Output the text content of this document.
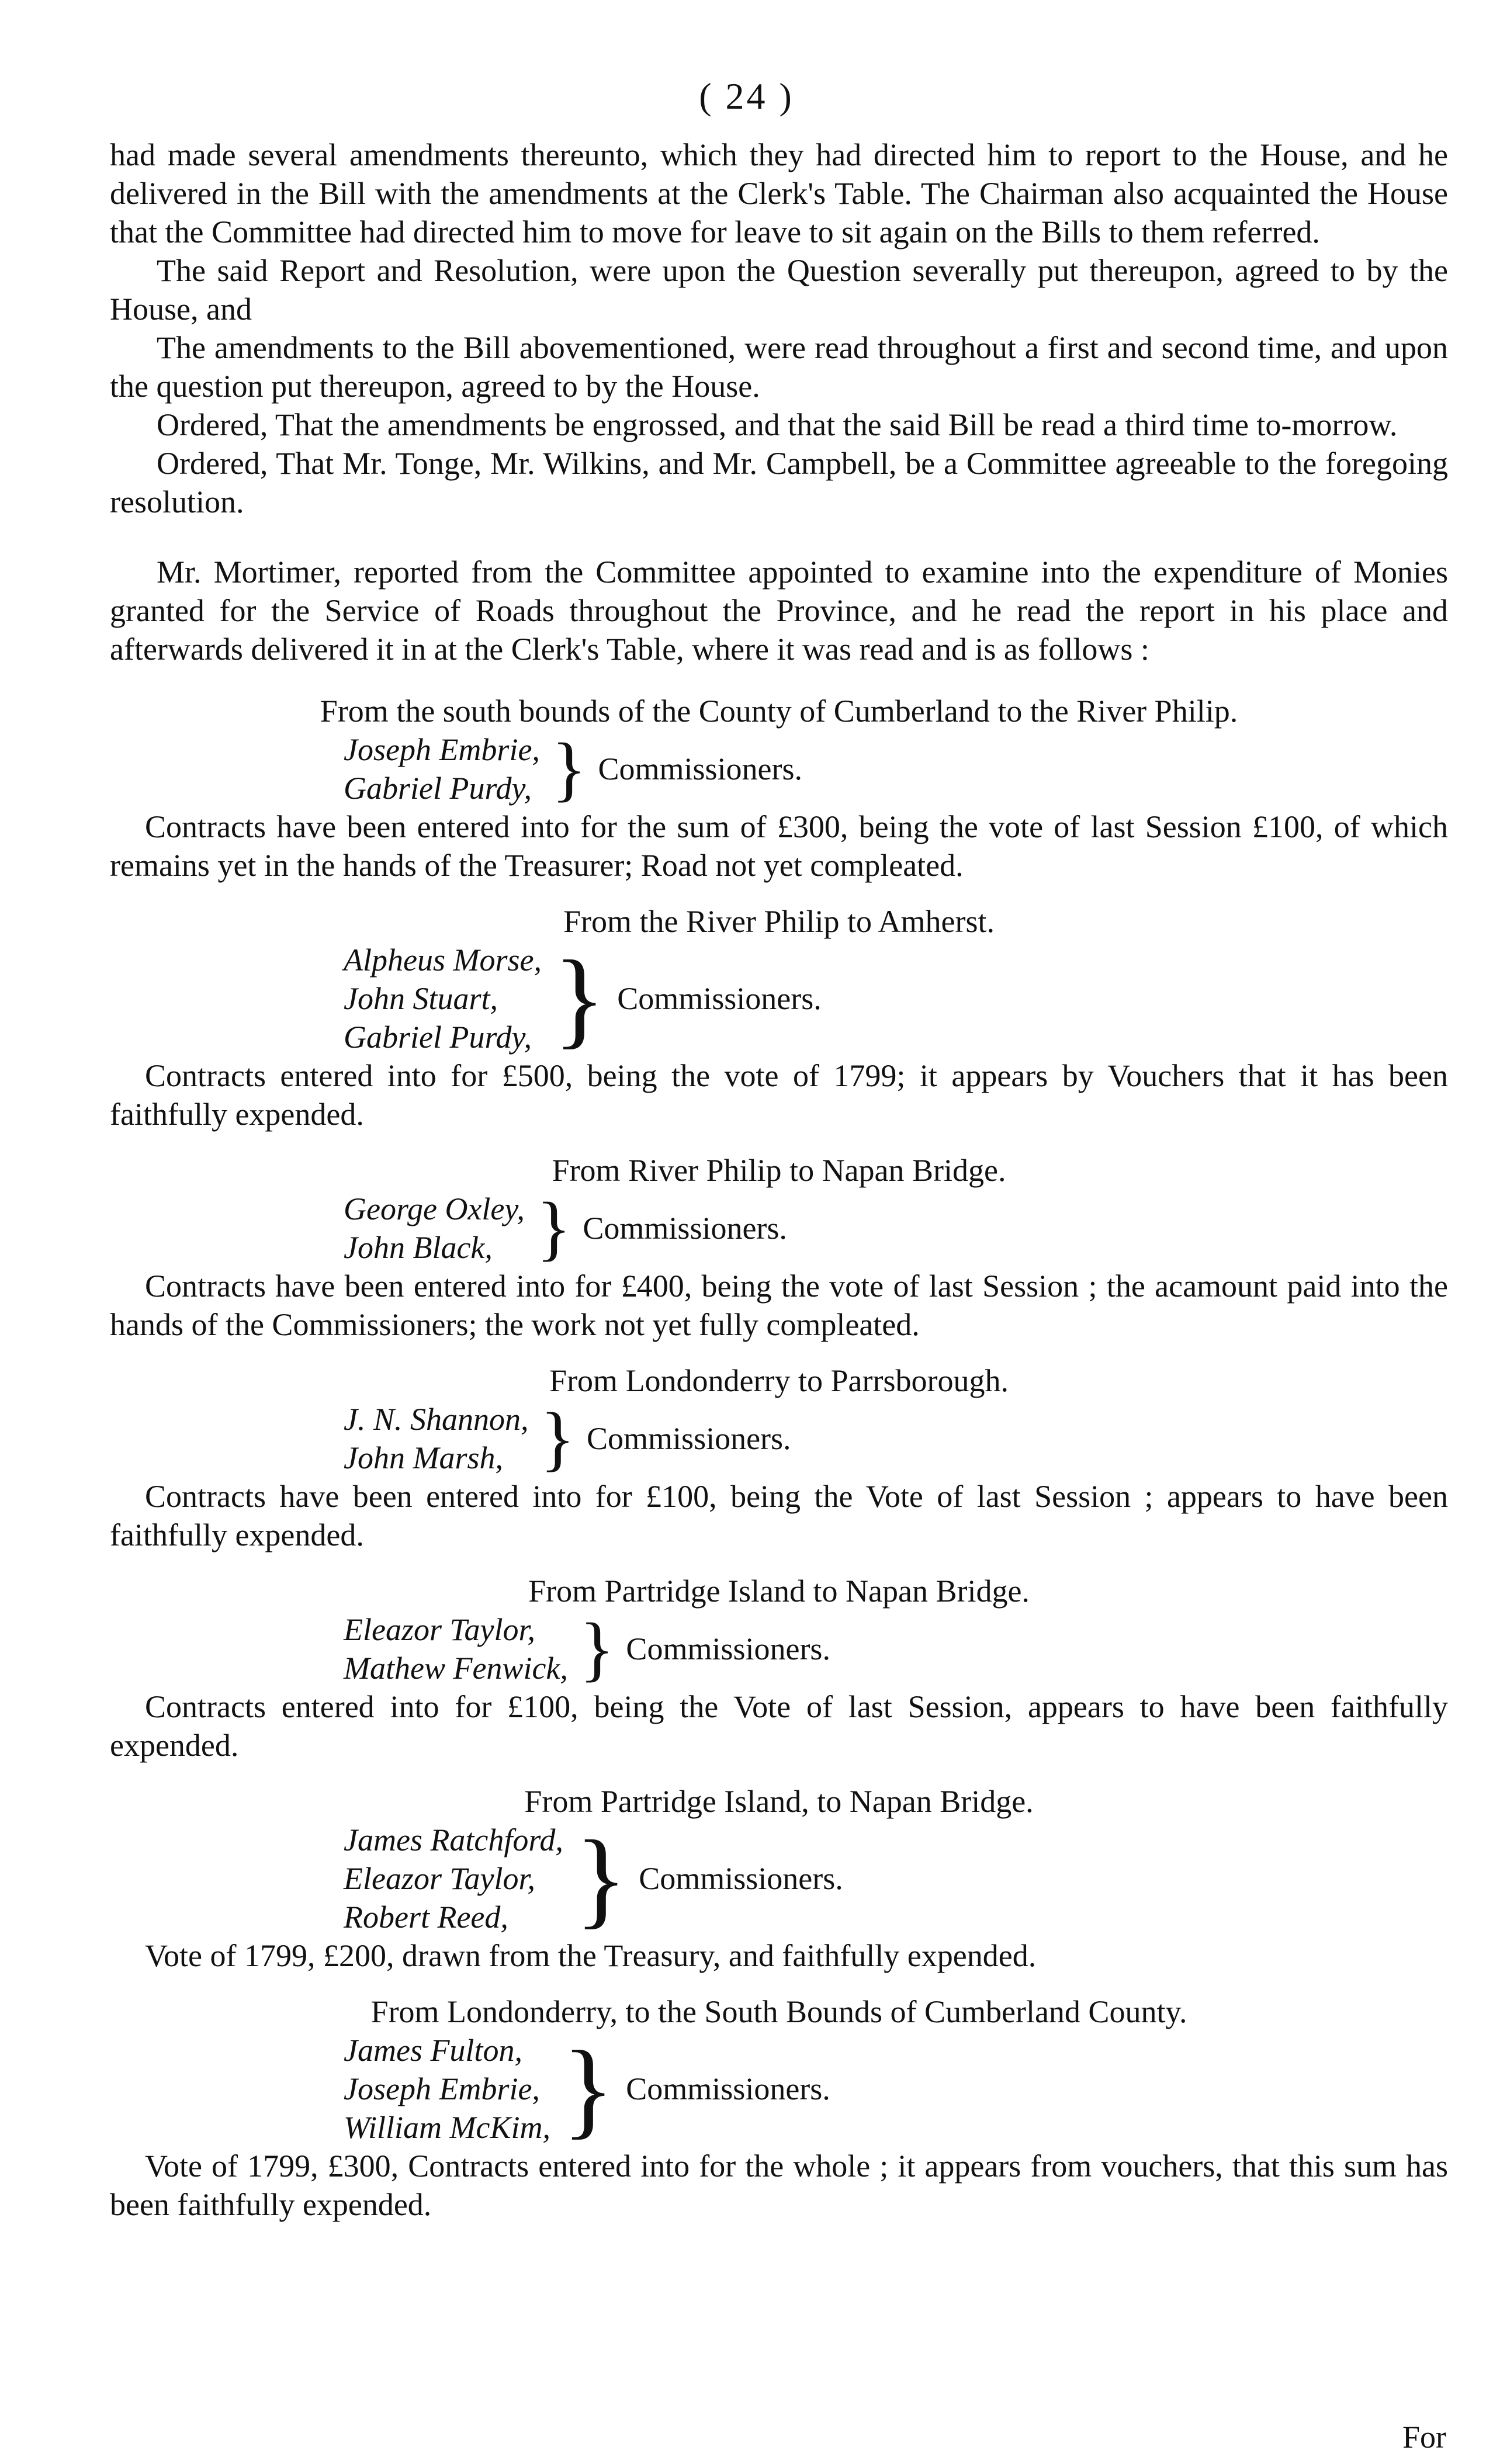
( 24 )

had made several amendments thereunto, which they had directed him to report to the House, and he delivered in the Bill with the amendments at the Clerk's Table. The Chairman also acquainted the House that the Committee had directed him to move for leave to sit again on the Bills to them referred.

The said Report and Resolution, were upon the Question severally put thereupon, agreed to by the House, and

The amendments to the Bill abovementioned, were read throughout a first and second time, and upon the question put thereupon, agreed to by the House.

Ordered, That the amendments be engrossed, and that the said Bill be read a third time to-morrow.

Ordered, That Mr. Tonge, Mr. Wilkins, and Mr. Campbell, be a Committee agreeable to the foregoing resolution.

Mr. Mortimer, reported from the Committee appointed to examine into the expenditure of Monies granted for the Service of Roads throughout the Province, and he read the report in his place and afterwards delivered it in at the Clerk's Table, where it was read and is as follows :

From the south bounds of the County of Cumberland to the River Philip.

Joseph Embrie,
Gabriel Purdy, } Commissioners.

Contracts have been entered into for the sum of £300, being the vote of last Session £100, of which remains yet in the hands of the Treasurer; Road not yet compleated.

From the River Philip to Amherst.

Alpheus Morse,
John Stuart,
Gabriel Purdy, } Commissioners.

Contracts entered into for £500, being the vote of 1799; it appears by Vouchers that it has been faithfully expended.

From River Philip to Napan Bridge.

George Oxley,
John Black, } Commissioners.

Contracts have been entered into for £400, being the vote of last Session ; the acamount paid into the hands of the Commissioners; the work not yet fully compleated.

From Londonderry to Parrsborough.

J. N. Shannon,
John Marsh, } Commissioners.

Contracts have been entered into for £100, being the Vote of last Session ; appears to have been faithfully expended.

From Partridge Island to Napan Bridge.

Eleazor Taylor,
Mathew Fenwick, } Commissioners.

Contracts entered into for £100, being the Vote of last Session, appears to have been faithfully expended.

From Partridge Island, to Napan Bridge.

James Ratchford,
Eleazor Taylor,
Robert Reed, } Commissioners.

Vote of 1799, £200, drawn from the Treasury, and faithfully expended.

From Londonderry, to the South Bounds of Cumberland County.

James Fulton,
Joseph Embrie,
William McKim, } Commissioners.

Vote of 1799, £300, Contracts entered into for the whole ; it appears from vouchers, that this sum has been faithfully expended.

For
